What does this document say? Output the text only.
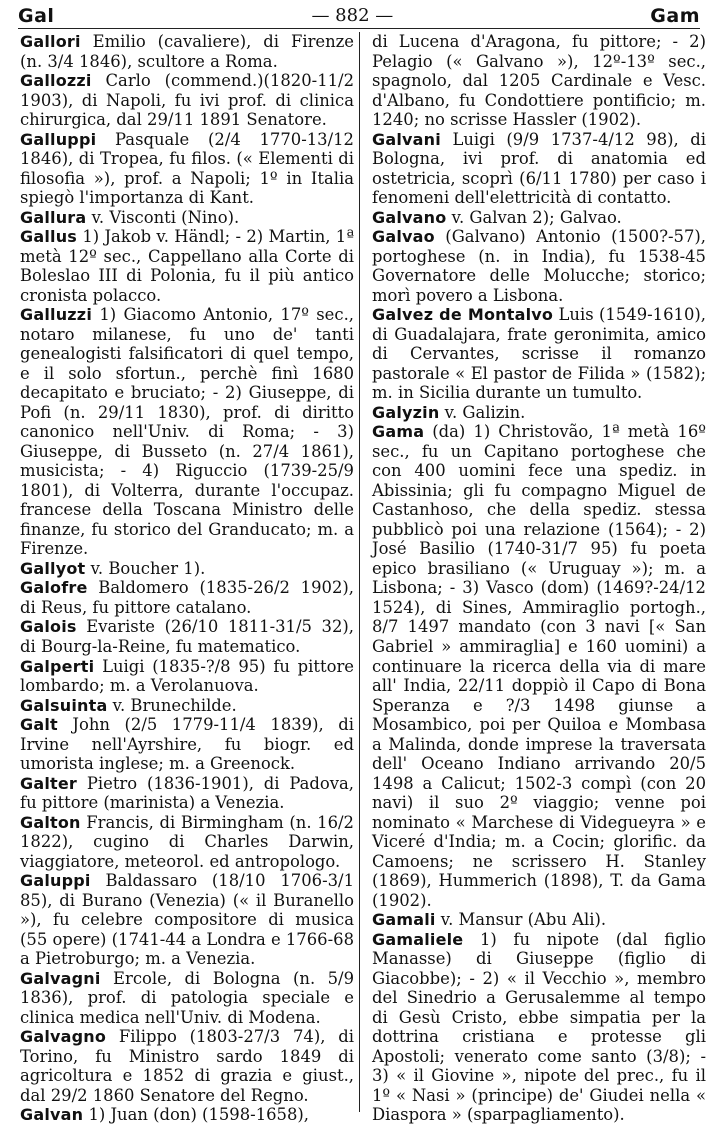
Gal	— 882 —	Gam

Gallori Emilio (cavaliere), di Firenze (n. 3/4 1846), scultore a Roma.

Gallozzi Carlo (commend.)(1820-11/2 1903), di Napoli, fu ivi prof. di clinica chirurgica, dal 29/11 1891 Senatore.

Galluppi Pasquale (2/4 1770-13/12 1846), di Tropea, fu filos. (« Elementi di filosofia »), prof. a Napoli; 1º in Italia spiegò l'importanza di Kant.

Gallura v. Visconti (Nino).

Gallus 1) Jakob v. Händl; - 2) Martin, 1ª metà 12º sec., Cappellano alla Corte di Boleslao III di Polonia, fu il più antico cronista polacco.

Galluzzi 1) Giacomo Antonio, 17º sec., notaro milanese, fu uno de' tanti genealogisti falsificatori di quel tempo, e il solo sfortun., perchè finì 1680 decapitato e bruciato; - 2) Giuseppe, di Pofi (n. 29/11 1830), prof. di diritto canonico nell'Univ. di Roma; - 3) Giuseppe, di Busseto (n. 27/4 1861), musicista; - 4) Riguccio (1739-25/9 1801), di Volterra, durante l'occupaz. francese della Toscana Ministro delle finanze, fu storico del Granducato; m. a Firenze.

Gallyot v. Boucher 1).

Galofre Baldomero (1835-26/2 1902), di Reus, fu pittore catalano.

Galois Evariste (26/10 1811-31/5 32), di Bourg-la-Reine, fu matematico.

Galperti Luigi (1835-?/8 95) fu pittore lombardo; m. a Verolanuova.

Galsuinta v. Brunechilde.

Galt John (2/5 1779-11/4 1839), di Irvine nell'Ayrshire, fu biogr. ed umorista inglese; m. a Greenock.

Galter Pietro (1836-1901), di Padova, fu pittore (marinista) a Venezia.

Galton Francis, di Birmingham (n. 16/2 1822), cugino di Charles Darwin, viaggiatore, meteorol. ed antropologo.

Galuppi Baldassaro (18/10 1706-3/1 85), di Burano (Venezia) (« il Buranello »), fu celebre compositore di musica (55 opere) (1741-44 a Londra e 1766-68 a Pietroburgo; m. a Venezia.

Galvagni Ercole, di Bologna (n. 5/9 1836), prof. di patologia speciale e clinica medica nell'Univ. di Modena.

Galvagno Filippo (1803-27/3 74), di Torino, fu Ministro sardo 1849 di agricoltura e 1852 di grazia e giust., dal 29/2 1860 Senatore del Regno.

Galvan 1) Juan (don) (1598-1658),

di Lucena d'Aragona, fu pittore; - 2) Pelagio (« Galvano »), 12º-13º sec., spagnolo, dal 1205 Cardinale e Vesc. d'Albano, fu Condottiere pontificio; m. 1240; no scrisse Hassler (1902).

Galvani Luigi (9/9 1737-4/12 98), di Bologna, ivi prof. di anatomia ed ostetricia, scoprì (6/11 1780) per caso i fenomeni dell'elettricità di contatto.

Galvano v. Galvan 2); Galvao.

Galvao (Galvano) Antonio (1500?-57), portoghese (n. in India), fu 1538-45 Governatore delle Molucche; storico; morì povero a Lisbona.

Galvez de Montalvo Luis (1549-1610), di Guadalajara, frate geronimita, amico di Cervantes, scrisse il romanzo pastorale « El pastor de Filida » (1582); m. in Sicilia durante un tumulto.

Galyzin v. Galizin.

Gama (da) 1) Christovão, 1ª metà 16º sec., fu un Capitano portoghese che con 400 uomini fece una spediz. in Abissinia; gli fu compagno Miguel de Castanhoso, che della spediz. stessa pubblicò poi una relazione (1564); - 2) José Basilio (1740-31/7 95) fu poeta epico brasiliano (« Uruguay »); m. a Lisbona; - 3) Vasco (dom) (1469?-24/12 1524), di Sines, Ammiraglio portogh., 8/7 1497 mandato (con 3 navi [« San Gabriel » ammiraglia] e 160 uomini) a continuare la ricerca della via di mare all' India, 22/11 doppiò il Capo di Bona Speranza e ?/3 1498 giunse a Mosambico, poi per Quiloa e Mombasa a Malinda, donde imprese la traversata dell' Oceano Indiano arrivando 20/5 1498 a Calicut; 1502-3 compì (con 20 navi) il suo 2º viaggio; venne poi nominato « Marchese di Videgueyra » e Viceré d'India; m. a Cocin; glorific. da Camoens; ne scrissero H. Stanley (1869), Hummerich (1898), T. da Gama (1902).

Gamali v. Mansur (Abu Ali).

Gamaliele 1) fu nipote (dal figlio Manasse) di Giuseppe (figlio di Giacobbe); - 2) « il Vecchio », membro del Sinedrio a Gerusalemme al tempo di Gesù Cristo, ebbe simpatia per la dottrina cristiana e protesse gli Apostoli; venerato come santo (3/8); - 3) « il Giovine », nipote del prec., fu il 1º « Nasi » (principe) de' Giudei nella « Diaspora » (sparpagliamento).
